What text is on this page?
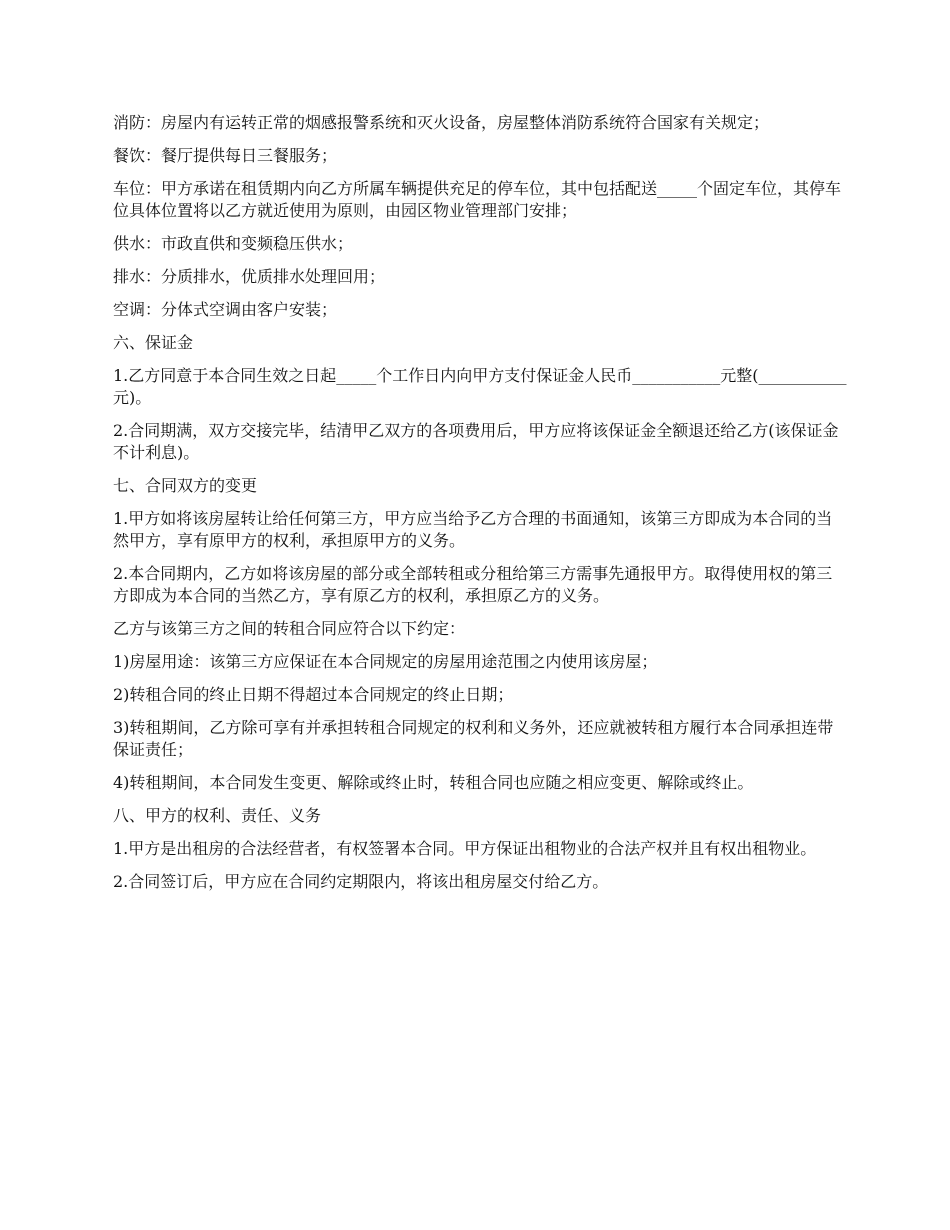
消防：房屋内有运转正常的烟感报警系统和灭火设备，房屋整体消防系统符合国家有关规定；

餐饮：餐厅提供每日三餐服务；

车位：甲方承诺在租赁期内向乙方所属车辆提供充足的停车位，其中包括配送_____个固定车位，其停车位具体位置将以乙方就近使用为原则，由园区物业管理部门安排；

供水：市政直供和变频稳压供水；

排水：分质排水，优质排水处理回用；

空调：分体式空调由客户安装；

六、保证金

1.乙方同意于本合同生效之日起_____个工作日内向甲方支付保证金人民币___________元整(___________元)。

2.合同期满，双方交接完毕，结清甲乙双方的各项费用后，甲方应将该保证金全额退还给乙方(该保证金不计利息)。

七、合同双方的变更

1.甲方如将该房屋转让给任何第三方，甲方应当给予乙方合理的书面通知，该第三方即成为本合同的当然甲方，享有原甲方的权利，承担原甲方的义务。

2.本合同期内，乙方如将该房屋的部分或全部转租或分租给第三方需事先通报甲方。取得使用权的第三方即成为本合同的当然乙方，享有原乙方的权利，承担原乙方的义务。

乙方与该第三方之间的转租合同应符合以下约定：

1)房屋用途：该第三方应保证在本合同规定的房屋用途范围之内使用该房屋；

2)转租合同的终止日期不得超过本合同规定的终止日期；

3)转租期间，乙方除可享有并承担转租合同规定的权利和义务外，还应就被转租方履行本合同承担连带保证责任；

4)转租期间，本合同发生变更、解除或终止时，转租合同也应随之相应变更、解除或终止。

八、甲方的权利、责任、义务

1.甲方是出租房的合法经营者，有权签署本合同。甲方保证出租物业的合法产权并且有权出租物业。

2.合同签订后，甲方应在合同约定期限内，将该出租房屋交付给乙方。
